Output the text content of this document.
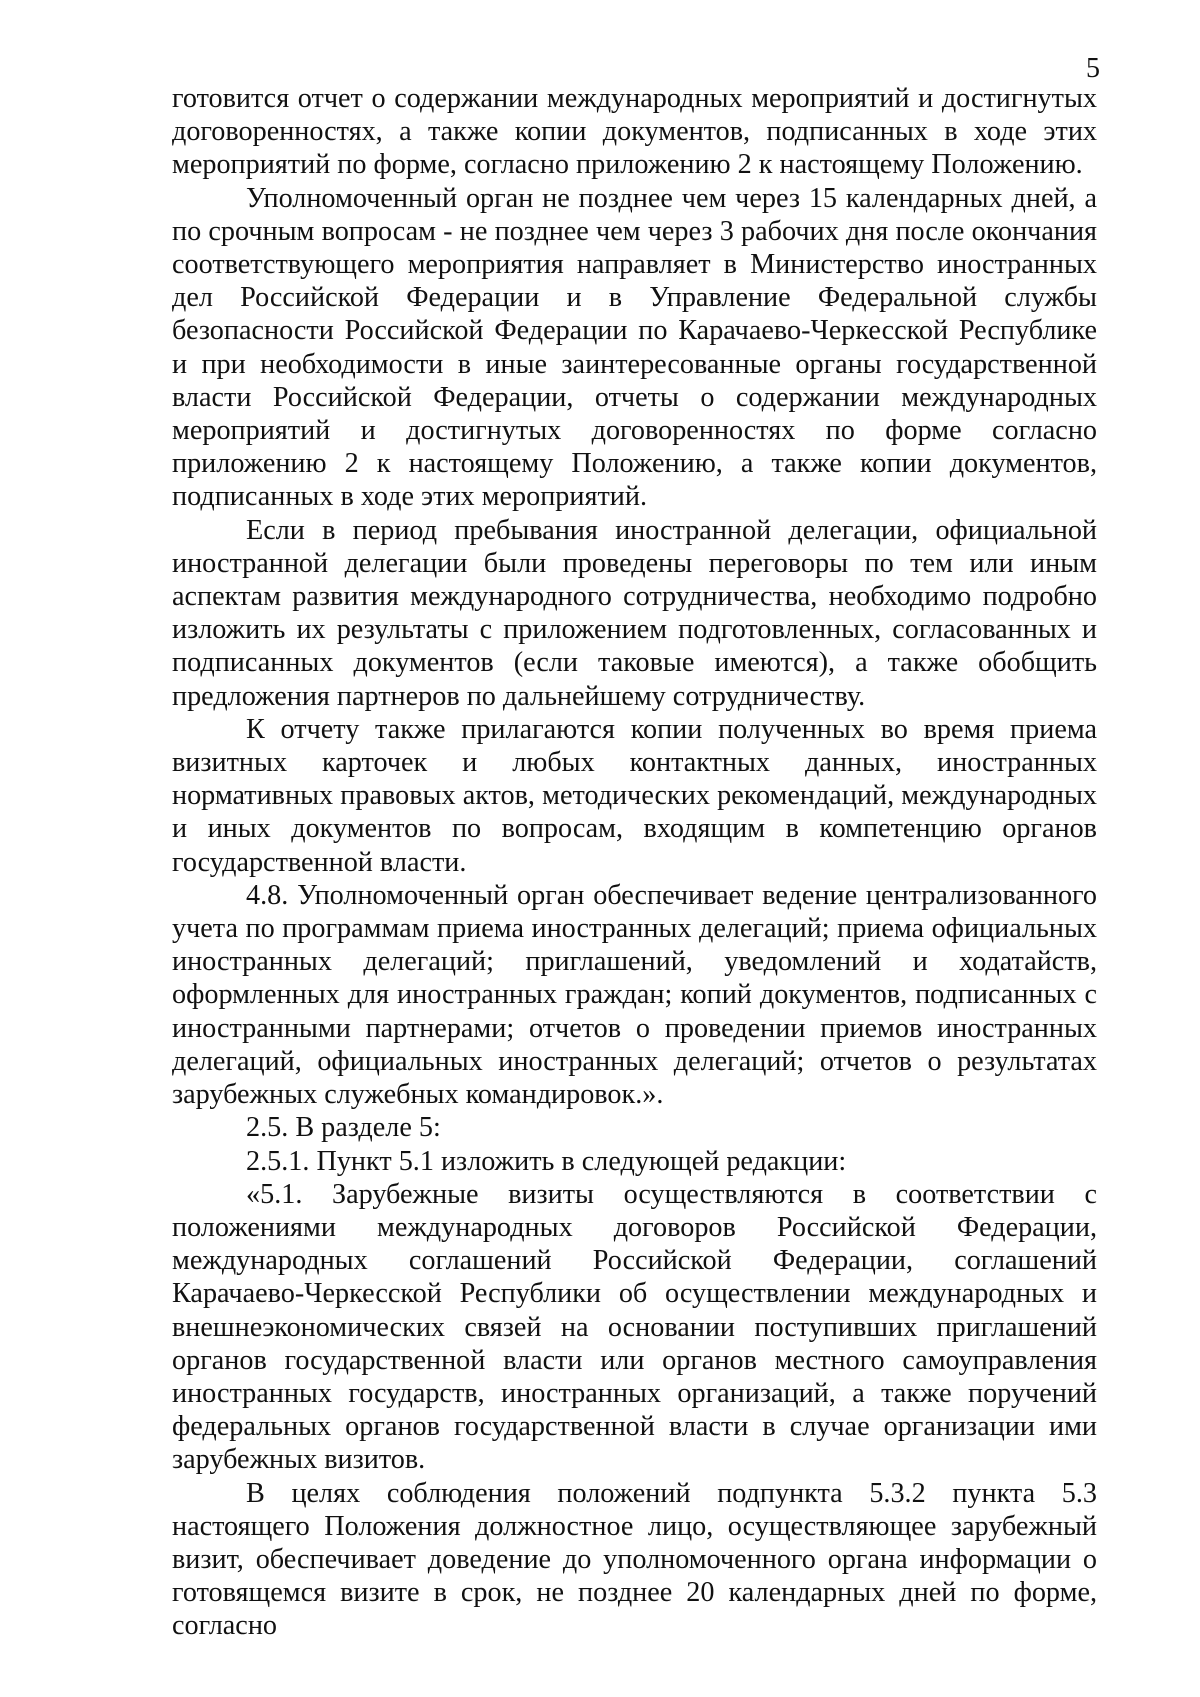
5

готовится отчет о содержании международных мероприятий и достигнутых договоренностях, а также копии документов, подписанных в ходе этих мероприятий по форме, согласно приложению 2 к настоящему Положению.

Уполномоченный орган не позднее чем через 15 календарных дней, а по срочным вопросам - не позднее чем через 3 рабочих дня после окончания соответствующего мероприятия направляет в Министерство иностранных дел Российской Федерации и в Управление Федеральной службы безопасности Российской Федерации по Карачаево-Черкесской Республике и при необходимости в иные заинтересованные органы государственной власти Российской Федерации, отчеты о содержании международных мероприятий и достигнутых договоренностях по форме согласно приложению 2 к настоящему Положению, а также копии документов, подписанных в ходе этих мероприятий.

Если в период пребывания иностранной делегации, официальной иностранной делегации были проведены переговоры по тем или иным аспектам развития международного сотрудничества, необходимо подробно изложить их результаты с приложением подготовленных, согласованных и подписанных документов (если таковые имеются), а также обобщить предложения партнеров по дальнейшему сотрудничеству.

К отчету также прилагаются копии полученных во время приема визитных карточек и любых контактных данных, иностранных нормативных правовых актов, методических рекомендаций, международных и иных документов по вопросам, входящим в компетенцию органов государственной власти.

4.8. Уполномоченный орган обеспечивает ведение централизованного учета по программам приема иностранных делегаций; приема официальных иностранных делегаций; приглашений, уведомлений и ходатайств, оформленных для иностранных граждан; копий документов, подписанных с иностранными партнерами; отчетов о проведении приемов иностранных делегаций, официальных иностранных делегаций; отчетов о результатах зарубежных служебных командировок.».

2.5. В разделе 5:

2.5.1. Пункт 5.1 изложить в следующей редакции:

«5.1. Зарубежные визиты осуществляются в соответствии с положениями международных договоров Российской Федерации, международных соглашений Российской Федерации, соглашений Карачаево-Черкесской Республики об осуществлении международных и внешнеэкономических связей на основании поступивших приглашений органов государственной власти или органов местного самоуправления иностранных государств, иностранных организаций, а также поручений федеральных органов государственной власти в случае организации ими зарубежных визитов.

В целях соблюдения положений подпункта 5.3.2 пункта 5.3 настоящего Положения должностное лицо, осуществляющее зарубежный визит, обеспечивает доведение до уполномоченного органа информации о готовящемся визите в срок, не позднее 20 календарных дней по форме, согласно
